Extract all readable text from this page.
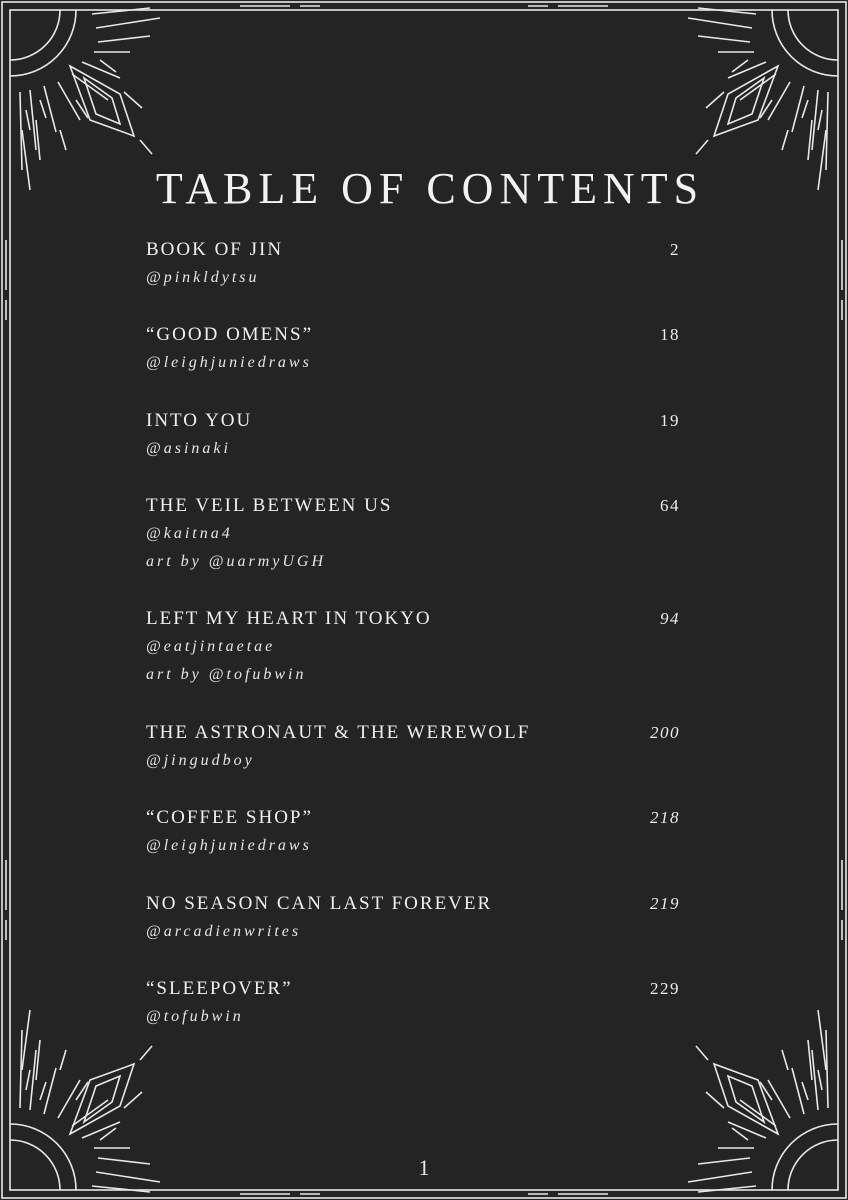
TABLE OF CONTENTS
BOOK OF JIN	2
@pinkldytsu
“GOOD OMENS”	18
@leighjuniedraws
INTO YOU	19
@asinaki
THE VEIL BETWEEN US	64
@kaitna4
art by @uarmyUGH
LEFT MY HEART IN TOKYO	94
@eatjintaetae
art by @tofubwin
THE ASTRONAUT & THE WEREWOLF	200
@jingudboy
“COFFEE SHOP”	218
@leighjuniedraws
NO SEASON CAN LAST FOREVER	219
@arcadienwrites
“SLEEPOVER”	229
@tofubwin
1
